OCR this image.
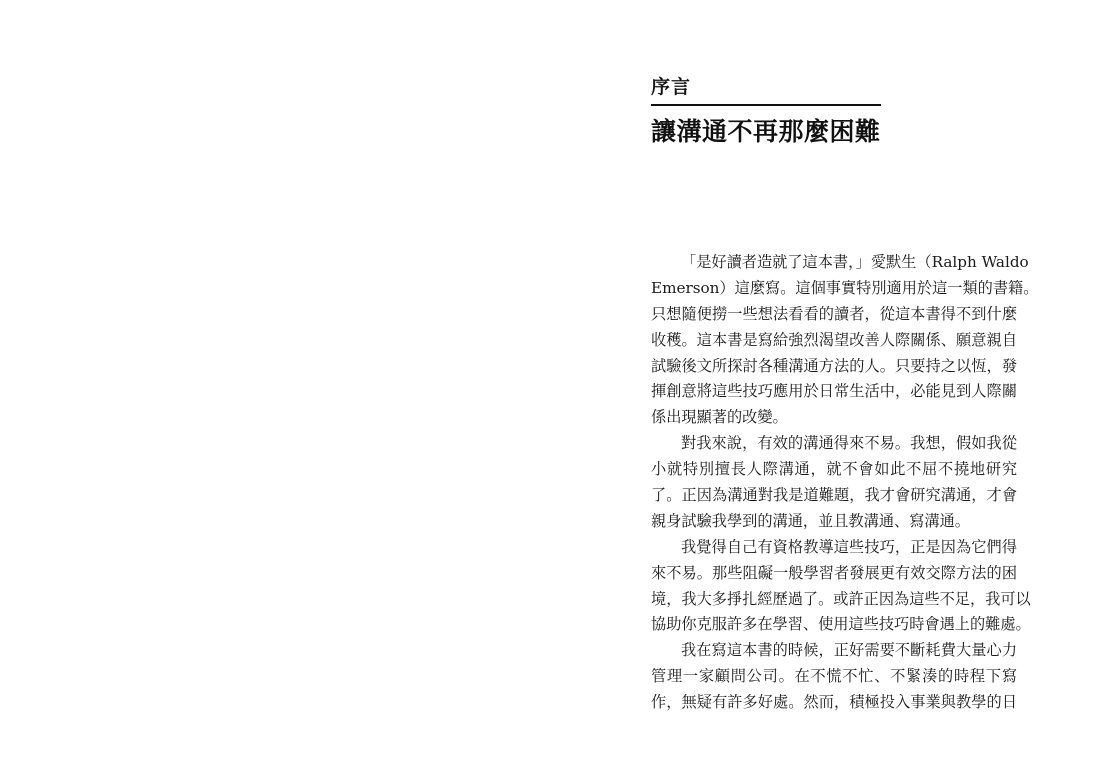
序言
讓溝通不再那麼困難
「是好讀者造就了這本書，」愛默生（Ralph Waldo
Emerson）這麼寫。這個事實特別適用於這一類的書籍。
只想隨便撈一些想法看看的讀者，從這本書得不到什麼
收穫。這本書是寫給強烈渴望改善人際關係、願意親自
試驗後文所探討各種溝通方法的人。只要持之以恆，發
揮創意將這些技巧應用於日常生活中，必能見到人際關
係出現顯著的改變。
對我來說，有效的溝通得來不易。我想，假如我從
小就特別擅長人際溝通，就不會如此不屈不撓地研究
了。正因為溝通對我是道難題，我才會研究溝通，才會
親身試驗我學到的溝通，並且教溝通、寫溝通。
我覺得自己有資格教導這些技巧，正是因為它們得
來不易。那些阻礙一般學習者發展更有效交際方法的困
境，我大多掙扎經歷過了。或許正因為這些不足，我可以
協助你克服許多在學習、使用這些技巧時會遇上的難處。
我在寫這本書的時候，正好需要不斷耗費大量心力
管理一家顧問公司。在不慌不忙、不緊湊的時程下寫
作，無疑有許多好處。然而，積極投入事業與教學的日
